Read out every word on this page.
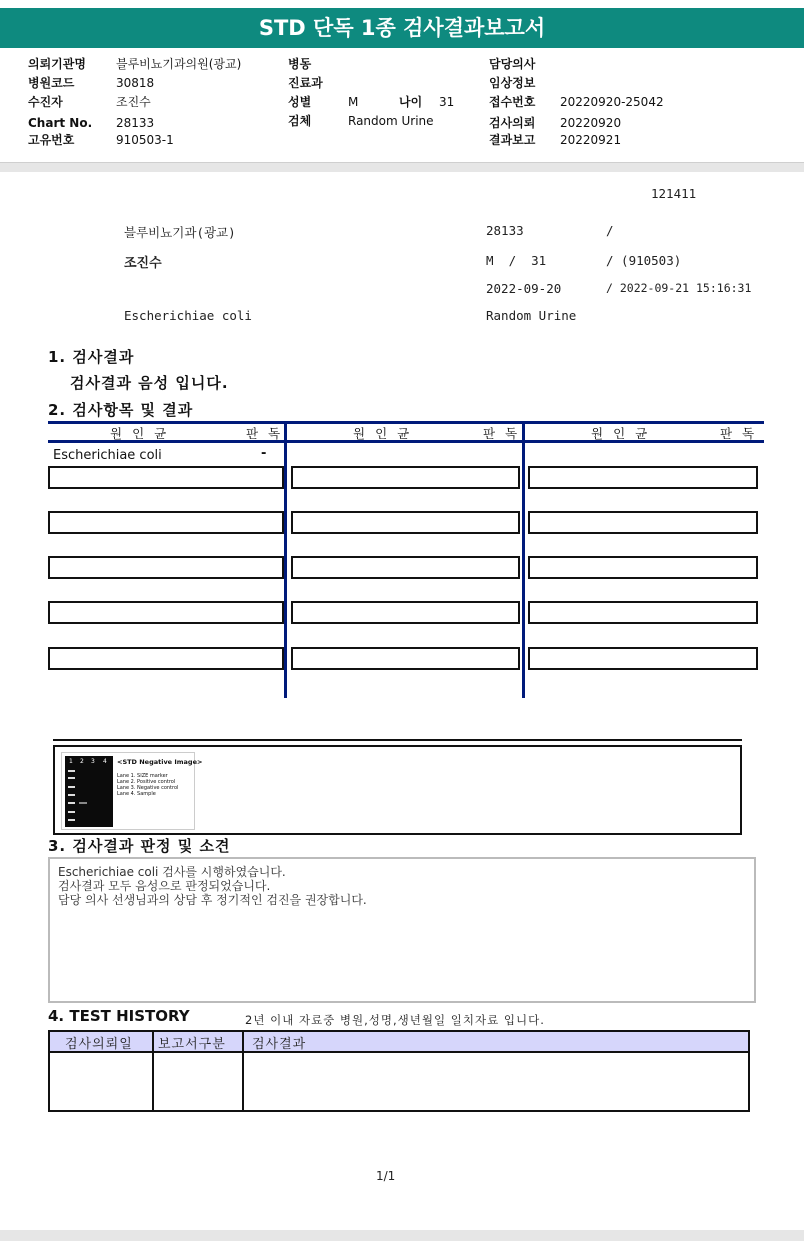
STD 단독 1종 검사결과보고서
의뢰기관명	블루비뇨기과의원(광교)
병원코드	30818
수진자	조진수
Chart No. 28133
고유번호	910503-1
병동
진료과
성별	M	나이 31
검체	Random Urine
담당의사
임상정보
접수번호 20220920-25042
검사의뢰 20220920
결과보고 20220921
121411
블루비뇨기과(광교)	28133	/
조진수	M  /  31	/ (910503)
2022-09-20	/ 2022-09-21 15:16:31
Escherichiae coli	Random Urine
1. 검사결과
검사결과 음성 입니다.
2. 검사항목 및 결과
원인균	판독	원인균	판독	원인균	판독
Escherichiae coli	-
1 2 3 4 <STD Negative Image>
Lane 1. SIZE marker
Lane 2. Positive control
Lane 3. Negative control
Lane 4. Sample
3. 검사결과 판정 및 소견
Escherichiae coli 검사를 시행하였습니다.
검사결과 모두 음성으로 판정되었습니다.
담당 의사 선생님과의 상담 후 정기적인 검진을 권장합니다.
4. TEST HISTORY	2년 이내 자료중 병원,성명,생년월일 일치자료 입니다.
검사의뢰일 보고서구분 검사결과
1/1
